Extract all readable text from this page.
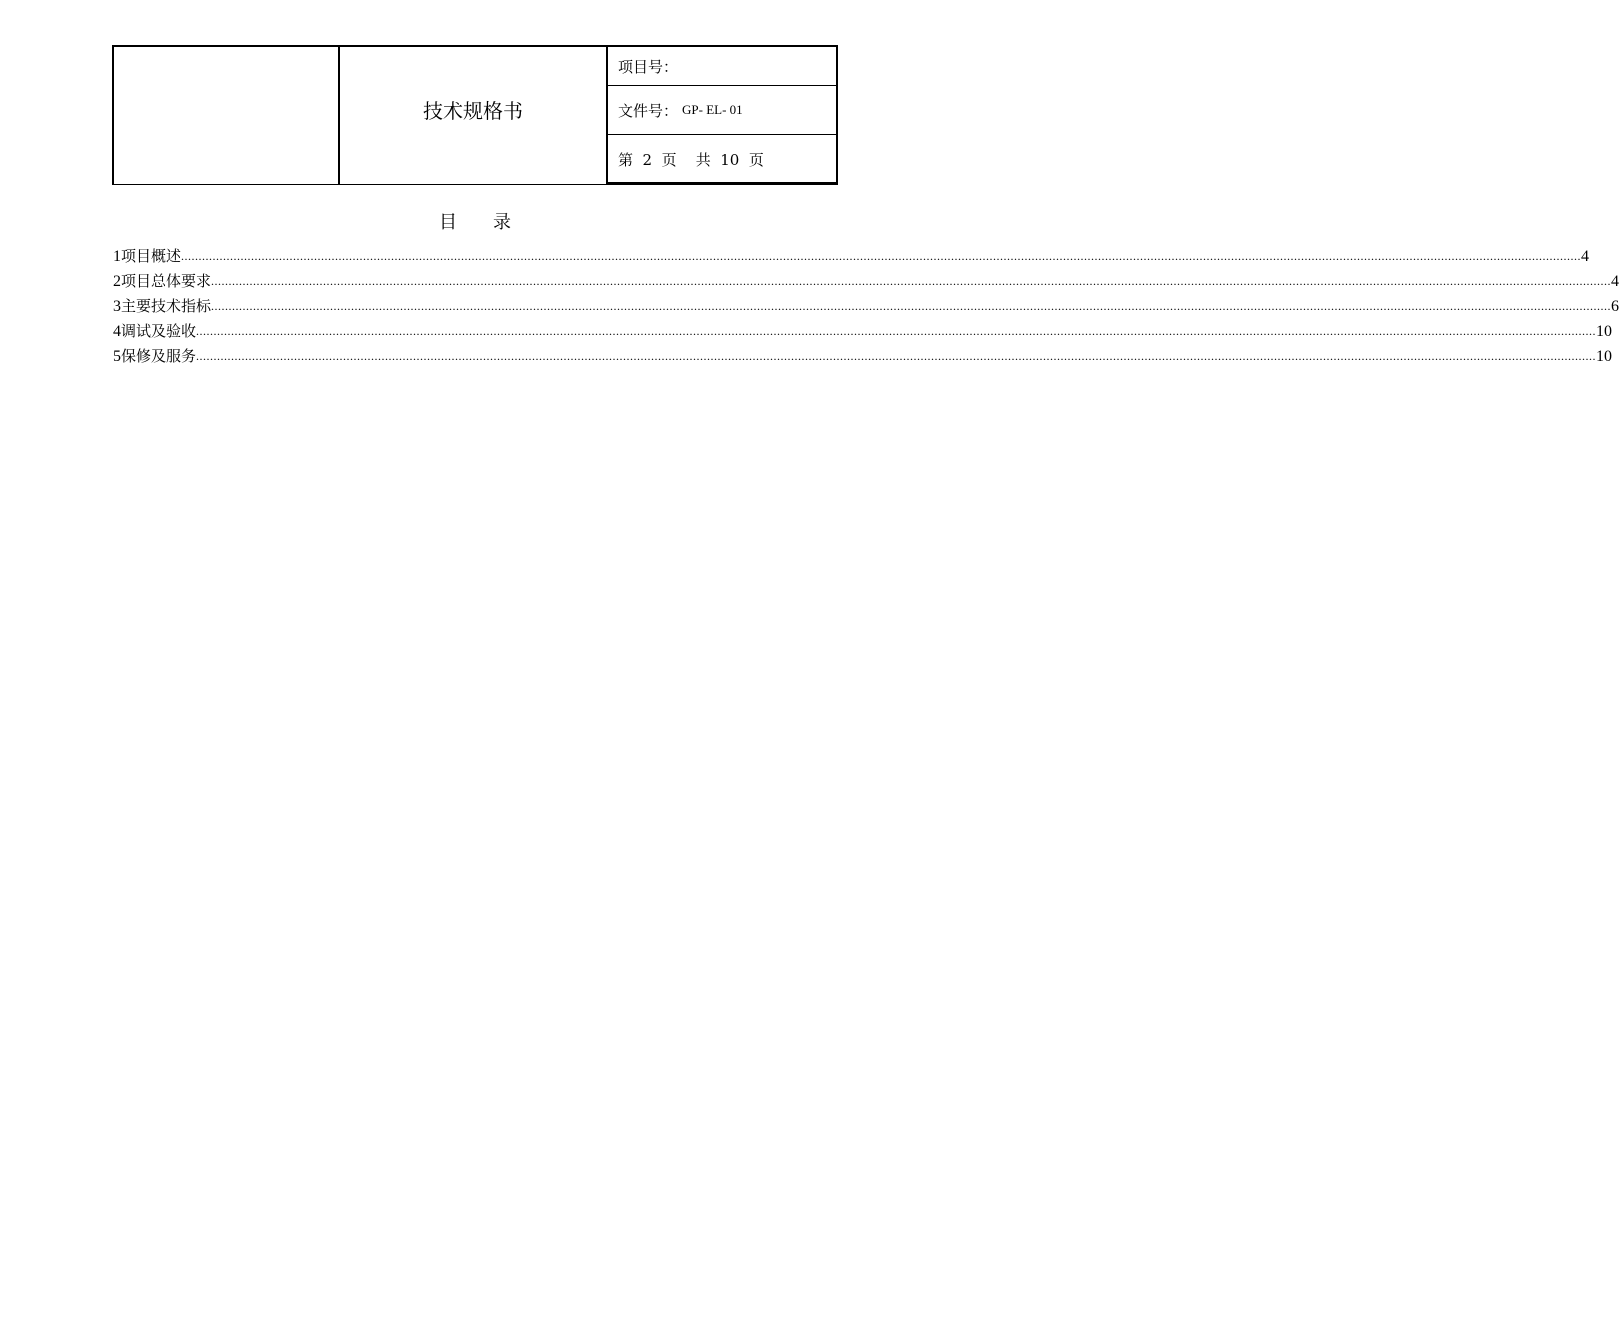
技术规格书
项目号：
文件号： GP- EL- 01
第  2  页    共  10  页
目录
1 项目概述 ................................................................................................................................................................................................................................................................................................................................................................................................................ 4
2 项目总体要求 ................................................................................................................................................................................................................................................................................................................................................................................................................ 4
3 主要技术指标 ................................................................................................................................................................................................................................................................................................................................................................................................................ 6
4 调试及验收 ................................................................................................................................................................................................................................................................................................................................................................................................................ 10
5 保修及服务 ................................................................................................................................................................................................................................................................................................................................................................................................................ 10
